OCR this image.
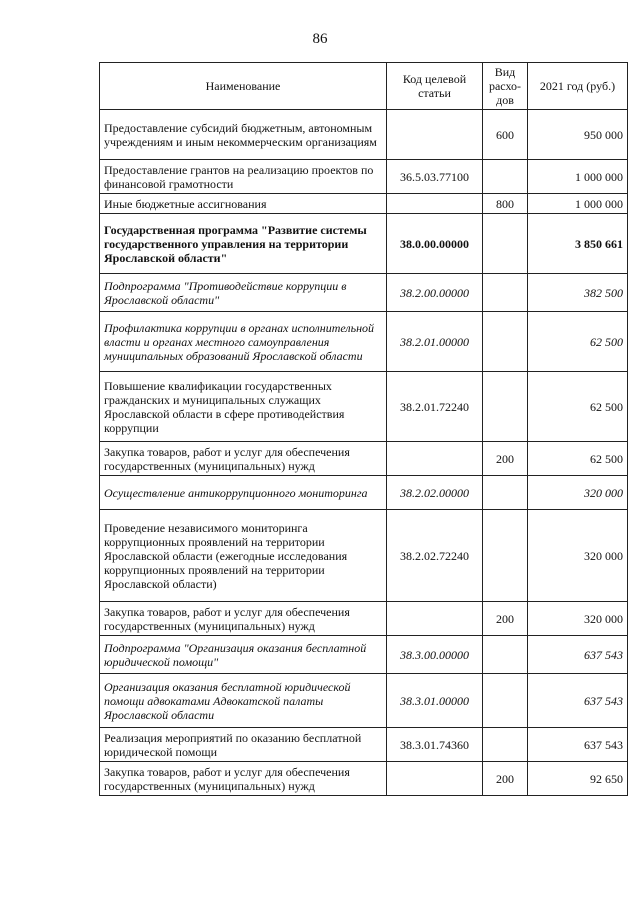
86
Наименование	Код целевой статьи	Вид расхо-дов	2021 год (руб.)
Предоставление субсидий бюджетным, автономным учреждениям и иным некоммерческим организациям		600	950 000
Предоставление грантов на реализацию проектов по финансовой грамотности	36.5.03.77100		1 000 000
Иные бюджетные ассигнования		800	1 000 000
Государственная программа "Развитие системы государственного управления на территории Ярославской области"	38.0.00.00000		3 850 661
Подпрограмма "Противодействие коррупции в Ярославской области"	38.2.00.00000		382 500
Профилактика коррупции в органах исполнительной власти и органах местного самоуправления муниципальных образований Ярославской области	38.2.01.00000		62 500
Повышение квалификации государственных гражданских и муниципальных служащих Ярославской области в сфере противодействия коррупции	38.2.01.72240		62 500
Закупка товаров, работ и услуг для обеспечения государственных (муниципальных) нужд		200	62 500
Осуществление антикоррупционного мониторинга	38.2.02.00000		320 000
Проведение независимого мониторинга коррупционных проявлений на территории Ярославской области (ежегодные исследования коррупционных проявлений на территории Ярославской области)	38.2.02.72240		320 000
Закупка товаров, работ и услуг для обеспечения государственных (муниципальных) нужд		200	320 000
Подпрограмма "Организация оказания бесплатной юридической помощи"	38.3.00.00000		637 543
Организация оказания бесплатной юридической помощи адвокатами Адвокатской палаты Ярославской области	38.3.01.00000		637 543
Реализация мероприятий по оказанию бесплатной юридической помощи	38.3.01.74360		637 543
Закупка товаров, работ и услуг для обеспечения государственных (муниципальных) нужд		200	92 650
